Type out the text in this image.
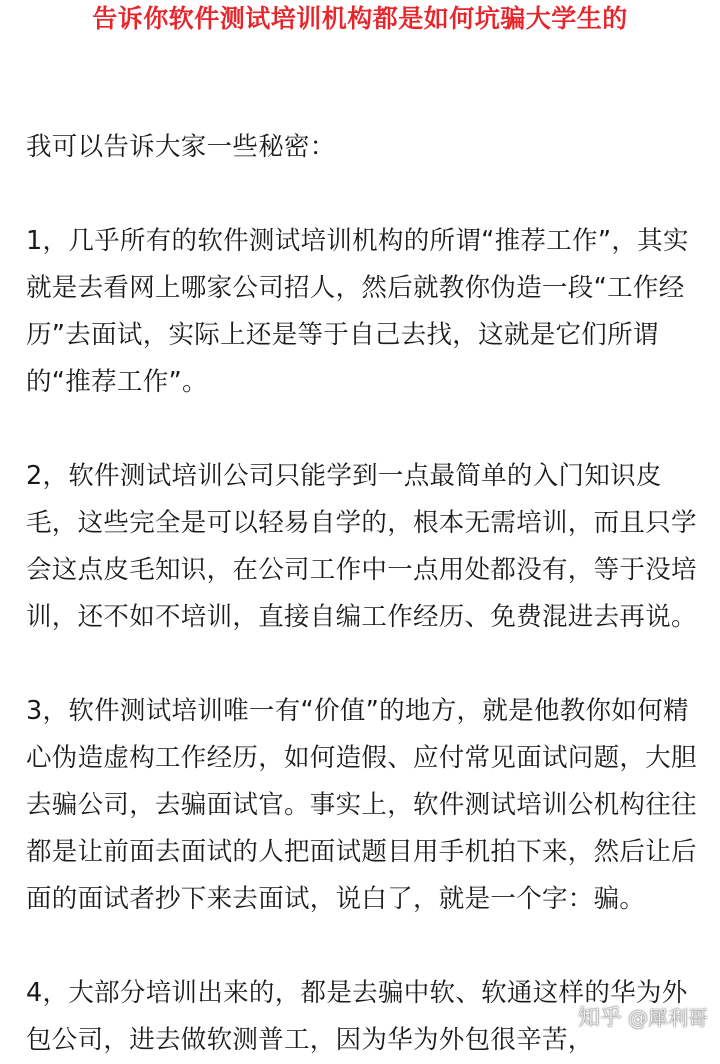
告诉你软件测试培训机构都是如何坑骗大学生的

我可以告诉大家一些秘密：

1，几乎所有的软件测试培训机构的所谓“推荐工作”，其实就是去看网上哪家公司招人，然后就教你伪造一段“工作经历”去面试，实际上还是等于自己去找，这就是它们所谓的“推荐工作”。

2，软件测试培训公司只能学到一点最简单的入门知识皮毛，这些完全是可以轻易自学的，根本无需培训，而且只学会这点皮毛知识，在公司工作中一点用处都没有，等于没培训，还不如不培训，直接自编工作经历、免费混进去再说。

3，软件测试培训唯一有“价值”的地方，就是他教你如何精心伪造虚构工作经历，如何造假、应付常见面试问题，大胆去骗公司，去骗面试官。事实上，软件测试培训公机构往往都是让前面去面试的人把面试题目用手机拍下来，然后让后面的面试者抄下来去面试，说白了，就是一个字：骗。

4，大部分培训出来的，都是去骗中软、软通这样的华为外包公司，进去做软测普工，因为华为外包很辛苦，

知乎 @犀利哥
